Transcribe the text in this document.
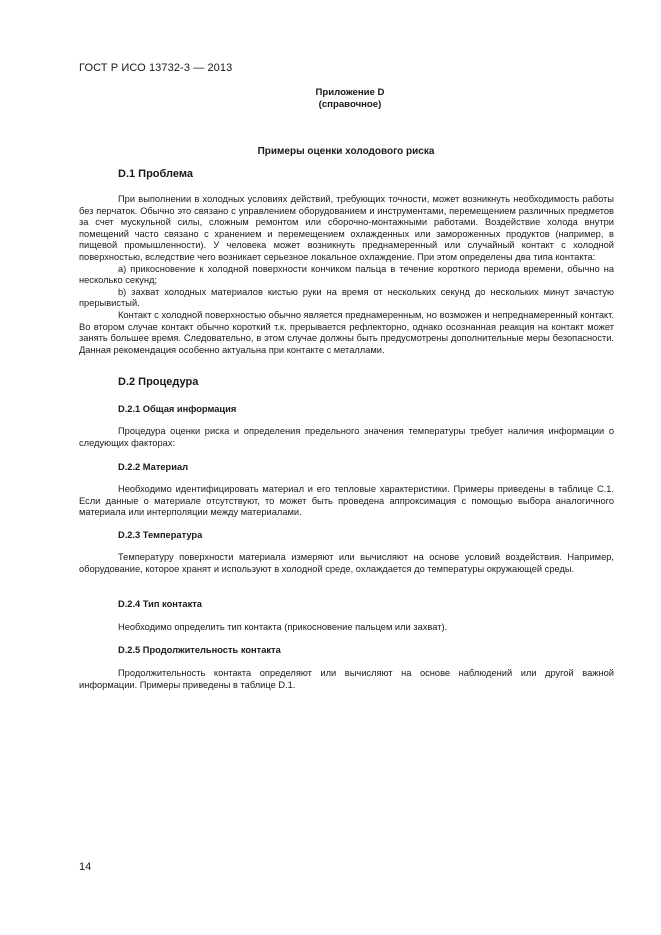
ГОСТ Р ИСО 13732-3 — 2013
Приложение D
(справочное)
Примеры оценки холодового риска
D.1 Проблема

При выполнении в холодных условиях действий, требующих точности, может возникнуть необходимость работы без перчаток. Обычно это связано с управлением оборудованием и инструментами, перемещением различных предметов за счет мускульной силы, сложным ремонтом или сборочно-монтажными работами. Воздействие холода внутри помещений часто связано с хранением и перемещением охлажденных или замороженных продуктов (например, в пищевой промышленности). У человека может возникнуть преднамеренный или случайный контакт с холодной поверхностью, вследствие чего возникает серьезное локальное охлаждение. При этом определены два типа контакта:

а) прикосновение к холодной поверхности кончиком пальца в течение короткого периода времени, обычно на несколько секунд;

b) захват холодных материалов кистью руки на время от нескольких секунд до нескольких минут зачастую прерывистый.

Контакт с холодной поверхностью обычно является преднамеренным, но возможен и непреднамеренный контакт. Во втором случае контакт обычно короткий т.к. прерывается рефлекторно, однако осознанная реакция на контакт может занять большее время. Следовательно, в этом случае должны быть предусмотрены дополнительные меры безопасности. Данная рекомендация особенно актуальна при контакте с металлами.

D.2 Процедура
D.2.1 Общая информация
Процедура оценки риска и определения предельного значения температуры требует наличия информации о следующих факторах:
D.2.2 Материал
Необходимо идентифицировать материал и его тепловые характеристики. Примеры приведены в таблице С.1. Если данные о материале отсутствуют, то может быть проведена аппроксимация с помощью выбора аналогичного материала или интерполяции между материалами.
D.2.3 Температура
Температуру поверхности материала измеряют или вычисляют на основе условий воздействия. Например, оборудование, которое хранят и используют в холодной среде, охлаждается до температуры окружающей среды.
D.2.4 Тип контакта
Необходимо определить тип контакта (прикосновение пальцем или захват).
D.2.5 Продолжительность контакта
Продолжительность контакта определяют или вычисляют на основе наблюдений или другой важной информации. Примеры приведены в таблице D.1.
14
